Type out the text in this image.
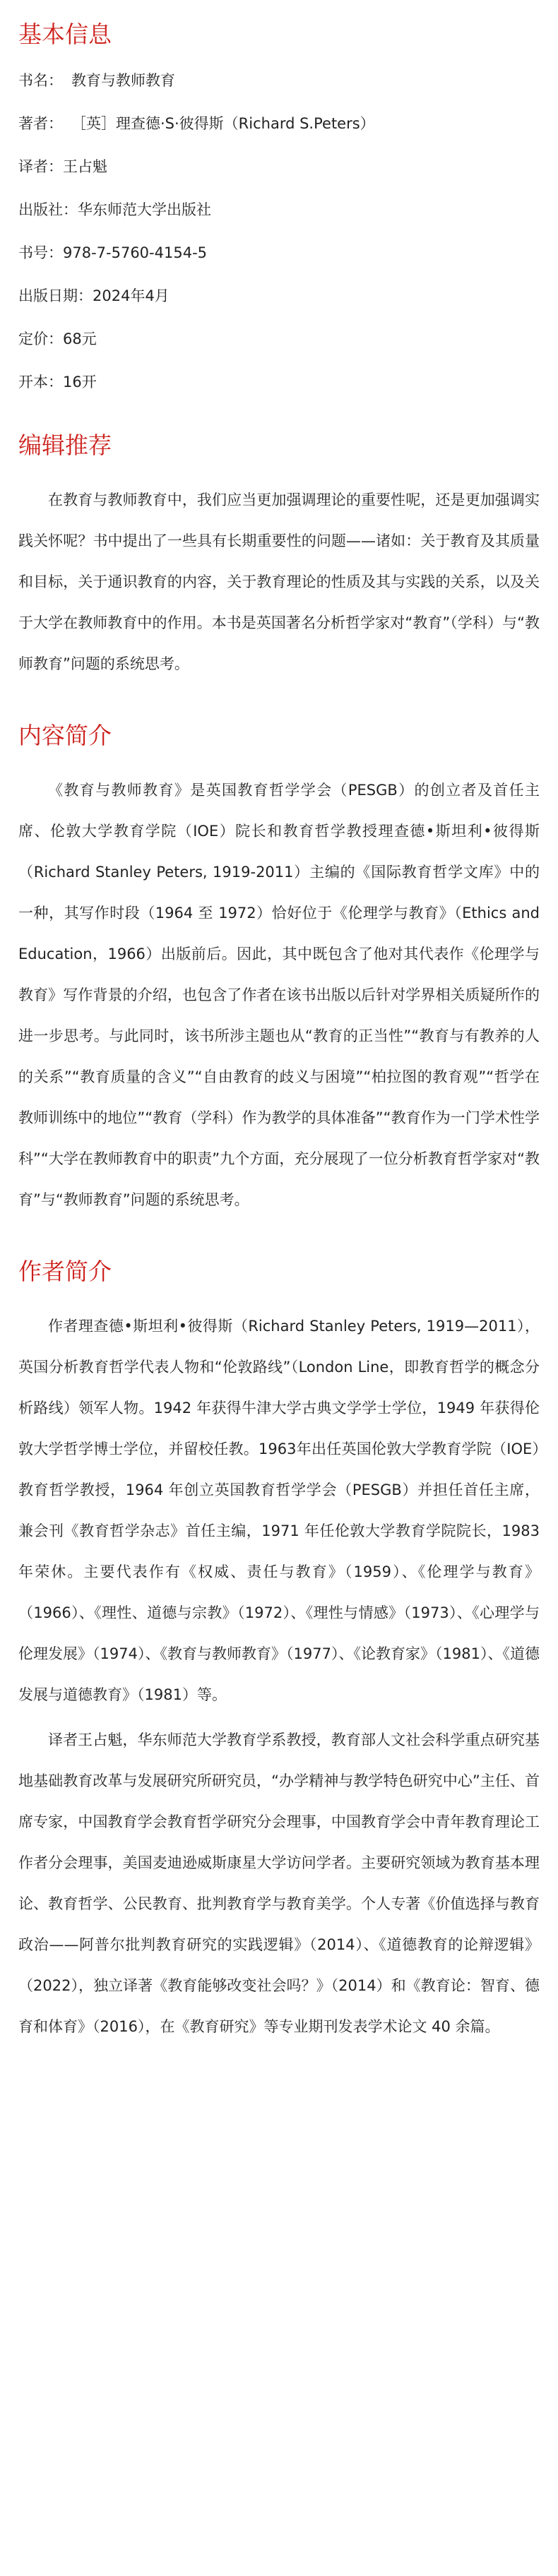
基本信息
书名： 教育与教师教育
著者： ［英］理查德·S·彼得斯（Richard S.Peters）
译者：王占魁
出版社：华东师范大学出版社
书号：978-7-5760-4154-5
出版日期：2024年4月
定价：68元
开本：16开
编辑推荐

在教育与教师教育中，我们应当更加强调理论的重要性呢，还是更加强调实践关怀呢？书中提出了一些具有长期重要性的问题——诸如：关于教育及其质量和目标，关于通识教育的内容，关于教育理论的性质及其与实践的关系，以及关于大学在教师教育中的作用。本书是英国著名分析哲学家对“教育”（学科）与“教师教育”问题的系统思考。

内容简介

《教育与教师教育》是英国教育哲学学会（PESGB）的创立者及首任主席、伦敦大学教育学院（IOE）院长和教育哲学教授理查德•斯坦利•彼得斯（Richard Stanley Peters, 1919-2011）主编的《国际教育哲学文库》中的一种，其写作时段（1964 至 1972）恰好位于《伦理学与教育》（Ethics and Education，1966）出版前后。因此，其中既包含了他对其代表作《伦理学与教育》写作背景的介绍，也包含了作者在该书出版以后针对学界相关质疑所作的进一步思考。与此同时，该书所涉主题也从“教育的正当性”“教育与有教养的人的关系”“教育质量的含义”“自由教育的歧义与困境”“柏拉图的教育观”“哲学在教师训练中的地位”“教育（学科）作为教学的具体准备”“教育作为一门学术性学科”“大学在教师教育中的职责”九个方面，充分展现了一位分析教育哲学家对“教育”与“教师教育”问题的系统思考。

作者简介

作者理查德•斯坦利•彼得斯（Richard Stanley Peters, 1919—2011），英国分析教育哲学代表人物和“伦敦路线”（London Line，即教育哲学的概念分析路线）领军人物。1942 年获得牛津大学古典文学学士学位，1949 年获得伦敦大学哲学博士学位，并留校任教。1963年出任英国伦敦大学教育学院（IOE）教育哲学教授，1964 年创立英国教育哲学学会（PESGB）并担任首任主席，兼会刊《教育哲学杂志》首任主编，1971 年任伦敦大学教育学院院长，1983 年荣休。主要代表作有《权威、责任与教育》（1959）、《伦理学与教育》（1966）、《理性、道德与宗教》（1972）、《理性与情感》（1973）、《心理学与伦理发展》（1974）、《教育与教师教育》（1977）、《论教育家》（1981）、《道德发展与道德教育》（1981）等。

译者王占魁，华东师范大学教育学系教授，教育部人文社会科学重点研究基地基础教育改革与发展研究所研究员，“办学精神与教学特色研究中心”主任、首席专家，中国教育学会教育哲学研究分会理事，中国教育学会中青年教育理论工作者分会理事，美国麦迪逊威斯康星大学访问学者。主要研究领域为教育基本理论、教育哲学、公民教育、批判教育学与教育美学。个人专著《价值选择与教育政治——阿普尔批判教育研究的实践逻辑》（2014）、《道德教育的论辩逻辑》（2022），独立译著《教育能够改变社会吗？》（2014）和《教育论：智育、德育和体育》（2016），在《教育研究》等专业期刊发表学术论文 40 余篇。
